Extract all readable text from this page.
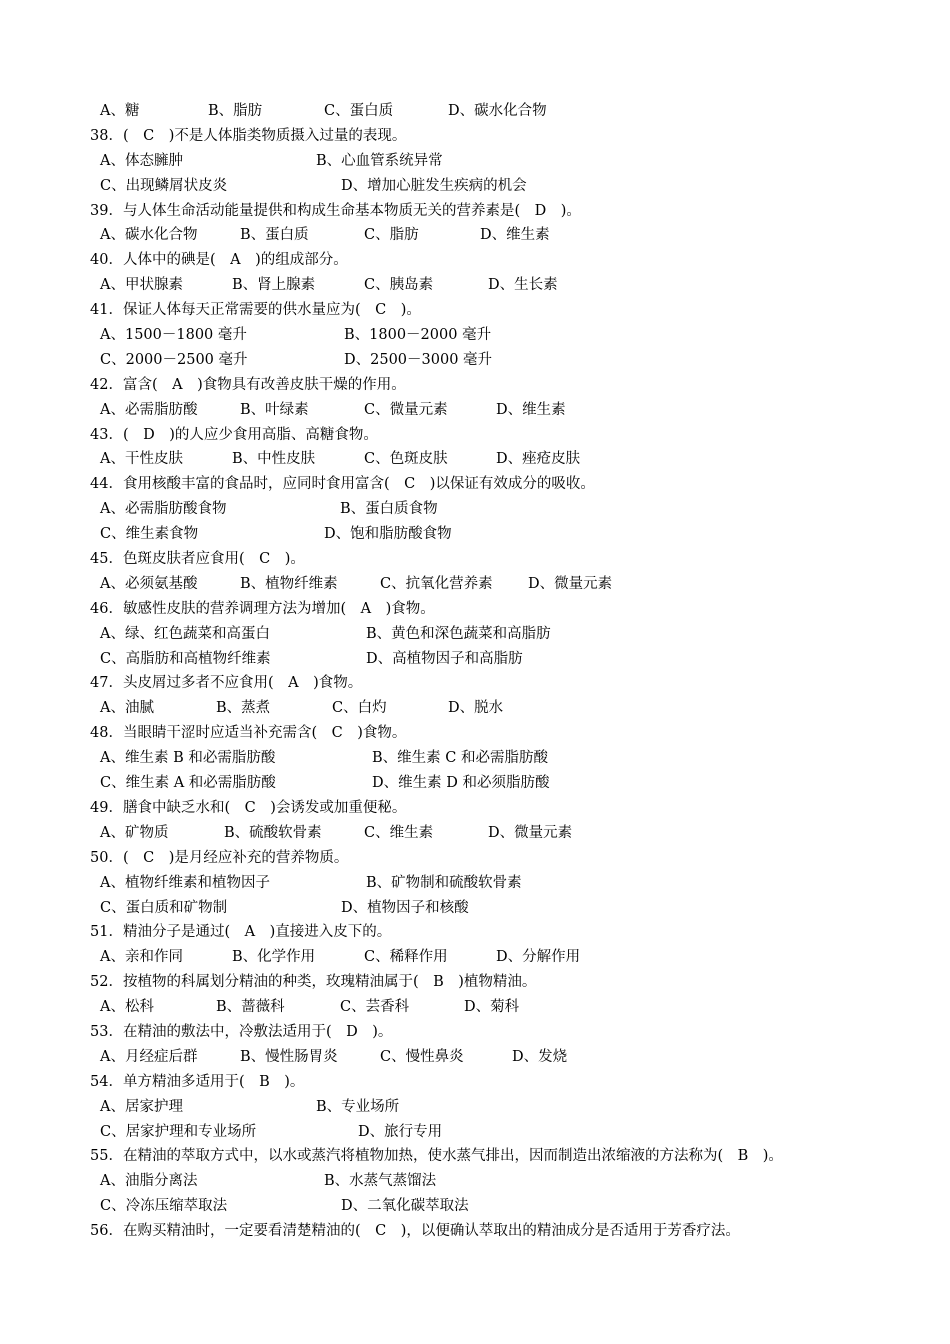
A、糖	B、脂肪	C、蛋白质	D、碳水化合物
38．(　C　)不是人体脂类物质摄入过量的表现。
A、体态臃肿	B、心血管系统异常
C、出现鳞屑状皮炎	D、增加心脏发生疾病的机会
39．与人体生命活动能量提供和构成生命基本物质无关的营养素是(　D　)。
A、碳水化合物	B、蛋白质	C、脂肪	D、维生素
40．人体中的碘是(　A　)的组成部分。
A、甲状腺素	B、肾上腺素	C、胰岛素	D、生长素
41．保证人体每天正常需要的供水量应为(　C　)。
A、1500－1800 毫升	B、1800－2000 毫升
C、2000－2500 毫升	D、2500－3000 毫升
42．富含(　A　)食物具有改善皮肤干燥的作用。
A、必需脂肪酸	B、叶绿素	C、微量元素	D、维生素
43．(　D　)的人应少食用高脂、高糖食物。
A、干性皮肤	B、中性皮肤	C、色斑皮肤	D、痤疮皮肤
44．食用核酸丰富的食品时，应同时食用富含(　C　)以保证有效成分的吸收。
A、必需脂肪酸食物	B、蛋白质食物
C、维生素食物	D、饱和脂肪酸食物
45．色斑皮肤者应食用(　C　)。
A、必须氨基酸	B、植物纤维素	C、抗氧化营养素 D、微量元素
46．敏感性皮肤的营养调理方法为增加(　A　)食物。
A、绿、红色蔬菜和高蛋白	B、黄色和深色蔬菜和高脂肪
C、高脂肪和高植物纤维素	D、高植物因子和高脂肪
47．头皮屑过多者不应食用(　A　)食物。
A、油腻	B、蒸煮	C、白灼	D、脱水
48．当眼睛干涩时应适当补充需含(　C　)食物。
A、维生素 B 和必需脂肪酸	B、维生素 C 和必需脂肪酸
C、维生素 A 和必需脂肪酸	D、维生素 D 和必须脂肪酸
49．膳食中缺乏水和(　C　)会诱发或加重便秘。
A、矿物质	B、硫酸软骨素	C、维生素	D、微量元素
50．(　C　)是月经应补充的营养物质。
A、植物纤维素和植物因子	B、矿物制和硫酸软骨素
C、蛋白质和矿物制	D、植物因子和核酸
51．精油分子是通过(　A　)直接进入皮下的。
A、亲和作同	B、化学作用	C、稀释作用	D、分解作用
52．按植物的科属划分精油的种类，玫瑰精油属于(　B　)植物精油。
A、松科	B、蔷薇科	C、芸香科	D、菊科
53．在精油的敷法中，冷敷法适用于(　D　)。
A、月经症后群	B、慢性肠胃炎	C、慢性鼻炎	D、发烧
54．单方精油多适用于(　B　)。
A、居家护理	B、专业场所
C、居家护理和专业场所	D、旅行专用
55．在精油的萃取方式中，以水或蒸汽将植物加热，使水蒸气排出，因而制造出浓缩液的方法称为(　B　)。
A、油脂分离法	B、水蒸气蒸馏法
C、冷冻压缩萃取法	D、二氧化碳萃取法
56．在购买精油时，一定要看清楚精油的(　C　)，以便确认萃取出的精油成分是否适用于芳香疗法。
